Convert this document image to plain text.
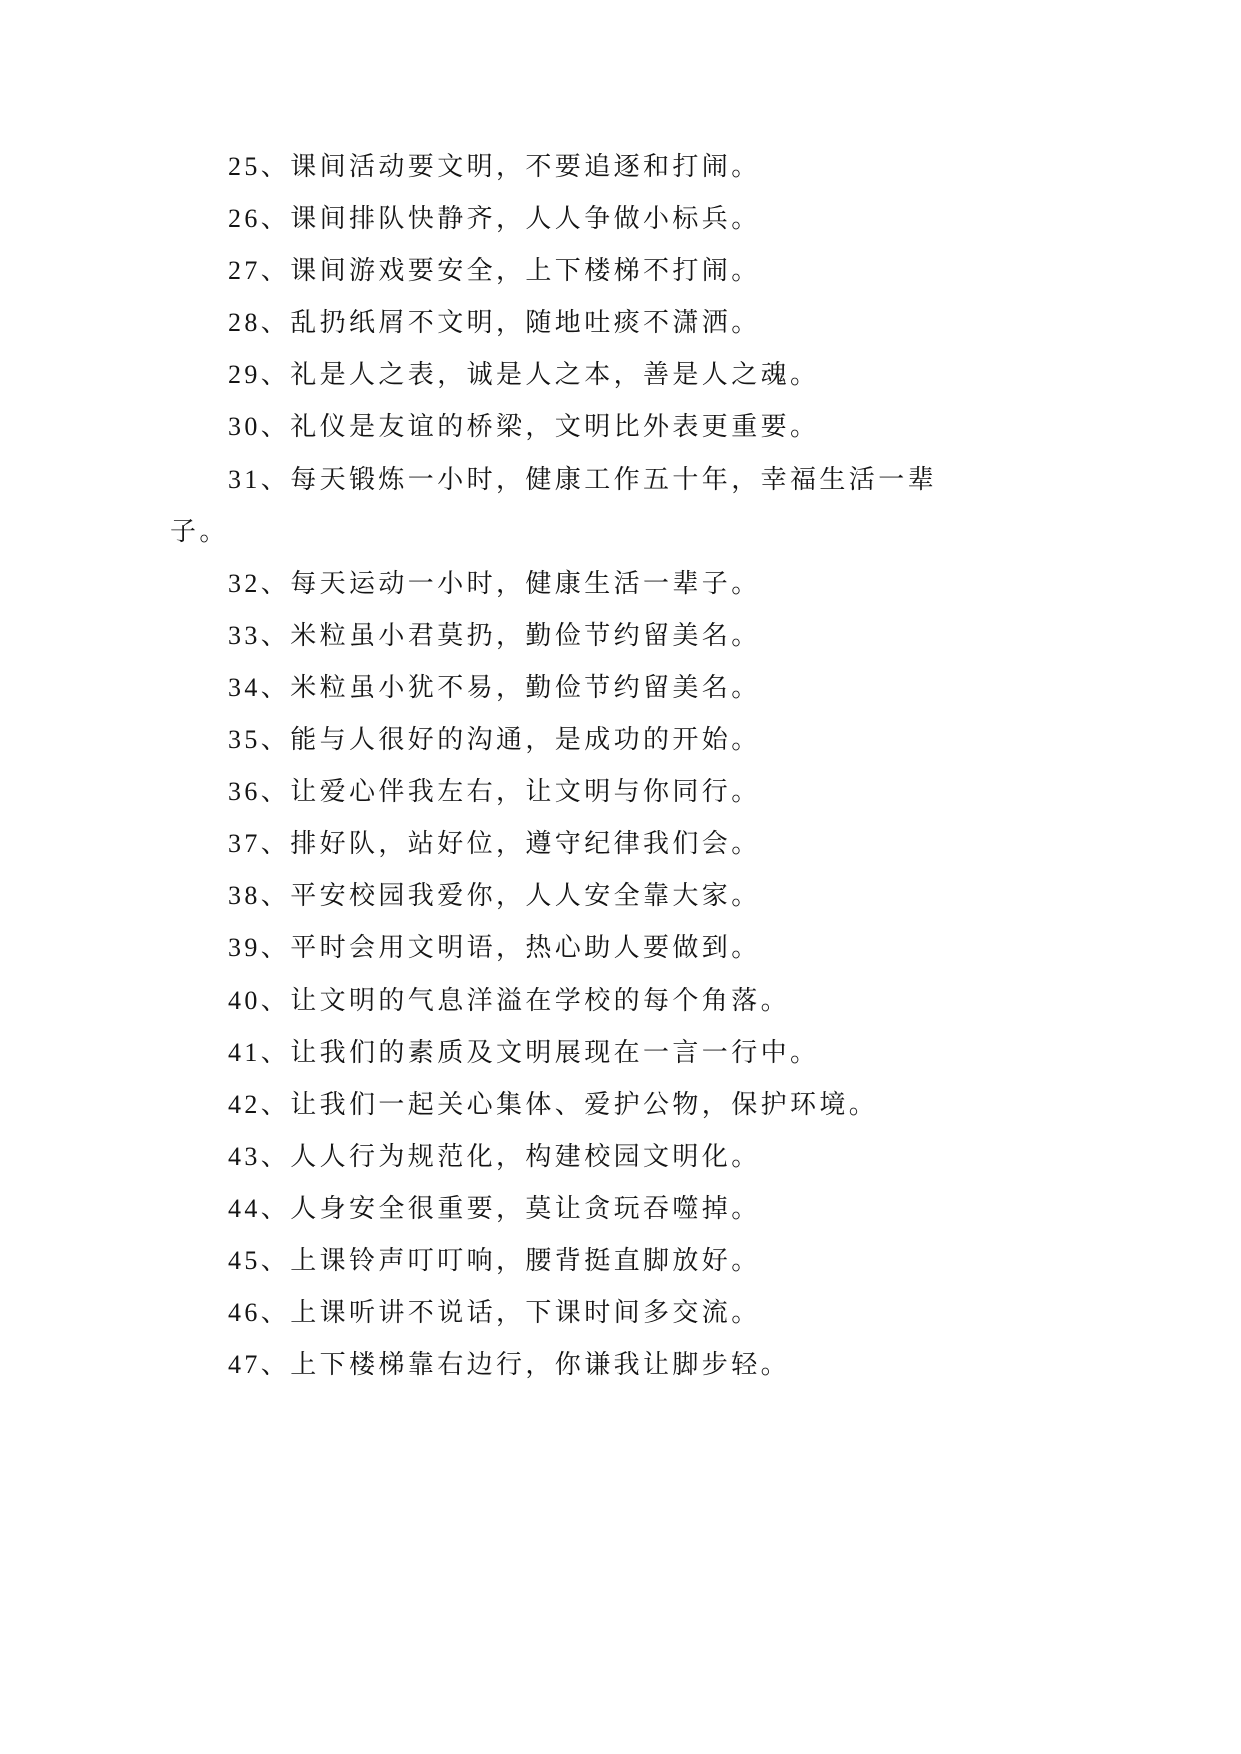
25、课间活动要文明，不要追逐和打闹。

26、课间排队快静齐，人人争做小标兵。

27、课间游戏要安全，上下楼梯不打闹。

28、乱扔纸屑不文明，随地吐痰不潇洒。

29、礼是人之表，诚是人之本，善是人之魂。

30、礼仪是友谊的桥梁，文明比外表更重要。

31、每天锻炼一小时，健康工作五十年，幸福生活一辈子。

32、每天运动一小时，健康生活一辈子。

33、米粒虽小君莫扔，勤俭节约留美名。

34、米粒虽小犹不易，勤俭节约留美名。

35、能与人很好的沟通，是成功的开始。

36、让爱心伴我左右，让文明与你同行。

37、排好队，站好位，遵守纪律我们会。

38、平安校园我爱你，人人安全靠大家。

39、平时会用文明语，热心助人要做到。

40、让文明的气息洋溢在学校的每个角落。

41、让我们的素质及文明展现在一言一行中。

42、让我们一起关心集体、爱护公物，保护环境。

43、人人行为规范化，构建校园文明化。

44、人身安全很重要，莫让贪玩吞噬掉。

45、上课铃声叮叮响，腰背挺直脚放好。

46、上课听讲不说话，下课时间多交流。

47、上下楼梯靠右边行，你谦我让脚步轻。
